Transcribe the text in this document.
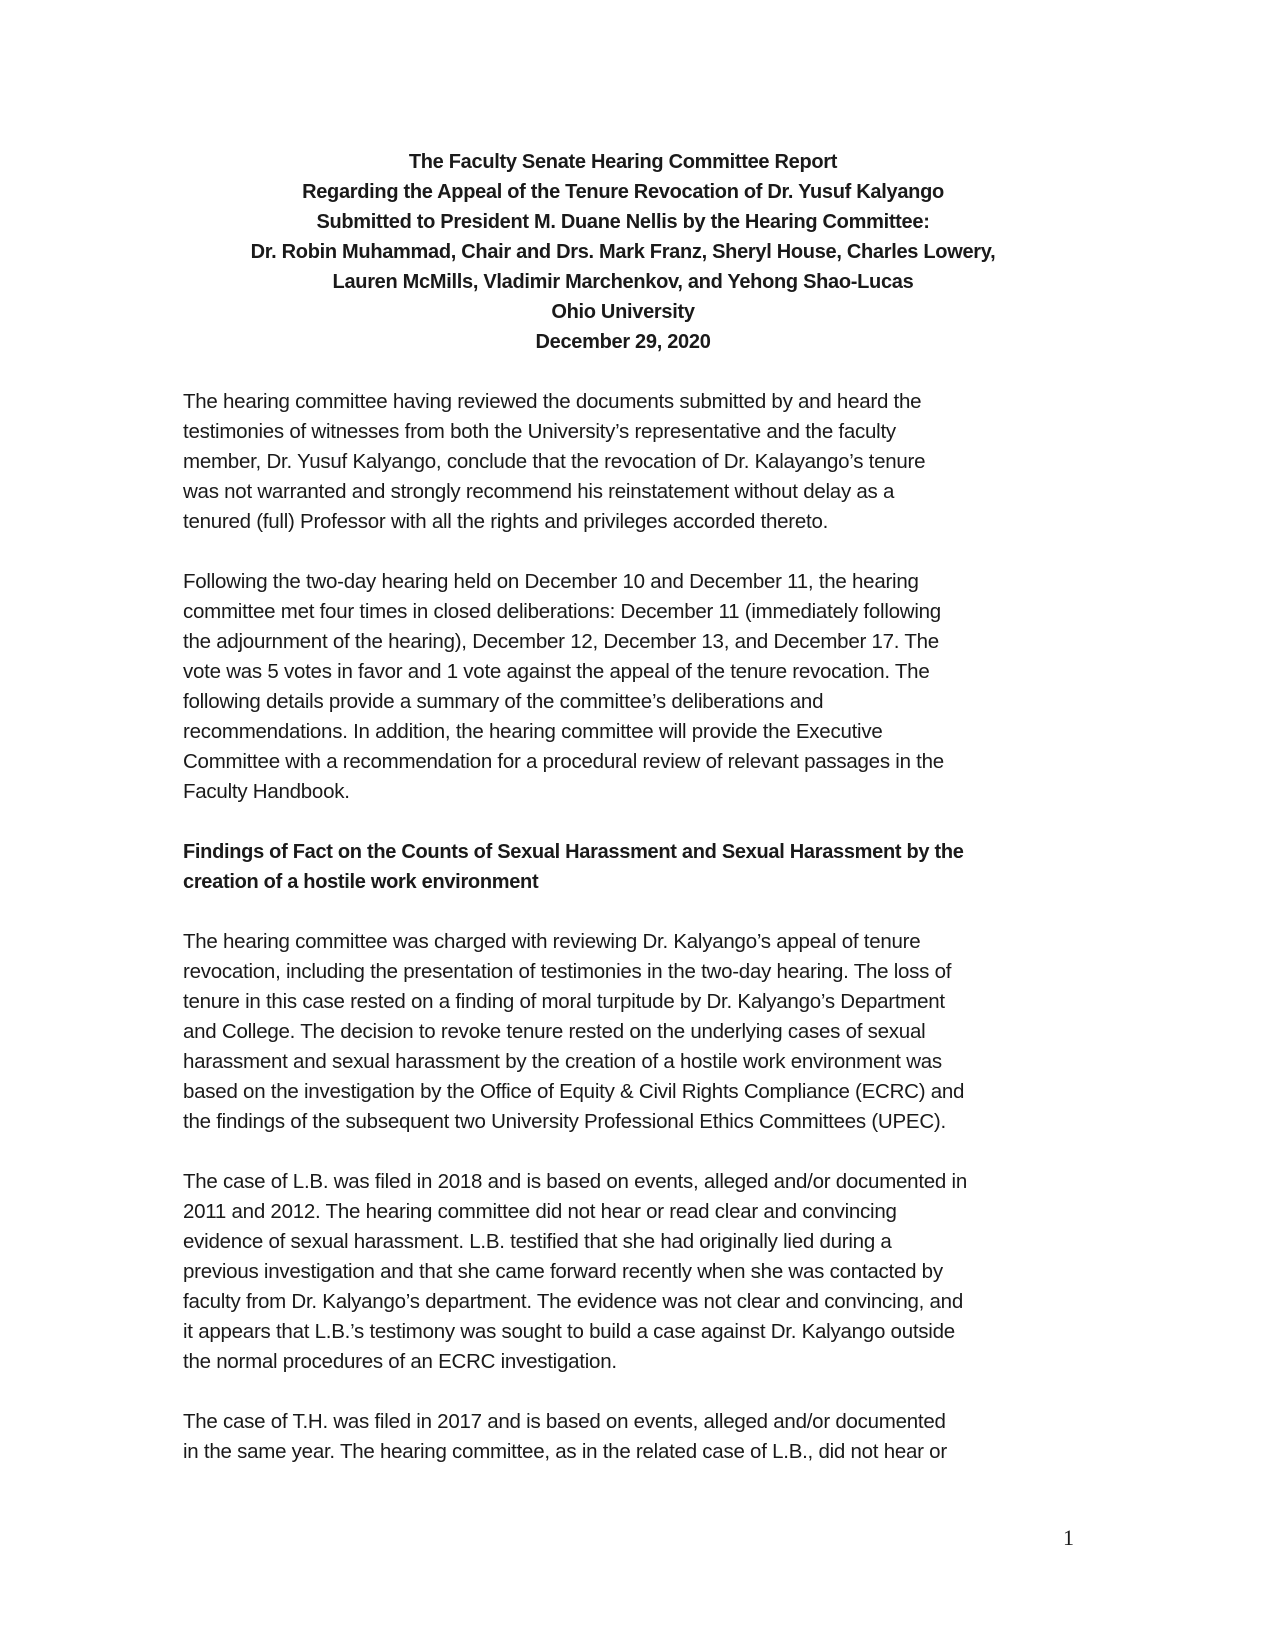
The Faculty Senate Hearing Committee Report
Regarding the Appeal of the Tenure Revocation of Dr. Yusuf Kalyango
Submitted to President M. Duane Nellis by the Hearing Committee:
Dr. Robin Muhammad, Chair and Drs. Mark Franz, Sheryl House, Charles Lowery,
Lauren McMills, Vladimir Marchenkov, and Yehong Shao-Lucas
Ohio University
December 29, 2020

The hearing committee having reviewed the documents submitted by and heard the
testimonies of witnesses from both the University’s representative and the faculty
member, Dr. Yusuf Kalyango, conclude that the revocation of Dr. Kalayango’s tenure
was not warranted and strongly recommend his reinstatement without delay as a
tenured (full) Professor with all the rights and privileges accorded thereto.

Following the two-day hearing held on December 10 and December 11, the hearing
committee met four times in closed deliberations: December 11 (immediately following
the adjournment of the hearing), December 12, December 13, and December 17. The
vote was 5 votes in favor and 1 vote against the appeal of the tenure revocation. The
following details provide a summary of the committee’s deliberations and
recommendations. In addition, the hearing committee will provide the Executive
Committee with a recommendation for a procedural review of relevant passages in the
Faculty Handbook.

Findings of Fact on the Counts of Sexual Harassment and Sexual Harassment by the
creation of a hostile work environment

The hearing committee was charged with reviewing Dr. Kalyango’s appeal of tenure
revocation, including the presentation of testimonies in the two-day hearing. The loss of
tenure in this case rested on a finding of moral turpitude by Dr. Kalyango’s Department
and College. The decision to revoke tenure rested on the underlying cases of sexual
harassment and sexual harassment by the creation of a hostile work environment was
based on the investigation by the Office of Equity & Civil Rights Compliance (ECRC) and
the findings of the subsequent two University Professional Ethics Committees (UPEC).

The case of L.B. was filed in 2018 and is based on events, alleged and/or documented in
2011 and 2012. The hearing committee did not hear or read clear and convincing
evidence of sexual harassment. L.B. testified that she had originally lied during a
previous investigation and that she came forward recently when she was contacted by
faculty from Dr. Kalyango’s department. The evidence was not clear and convincing, and
it appears that L.B.’s testimony was sought to build a case against Dr. Kalyango outside
the normal procedures of an ECRC investigation.

The case of T.H. was filed in 2017 and is based on events, alleged and/or documented
in the same year. The hearing committee, as in the related case of L.B., did not hear or

1
